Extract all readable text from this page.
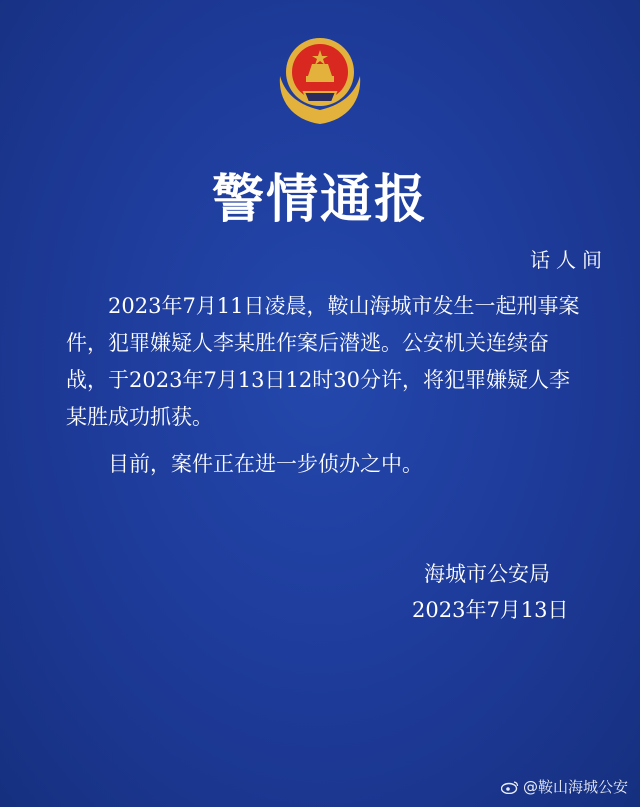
警情通报
话人间

2023年7月11日凌晨，鞍山海城市发生一起刑事案件，犯罪嫌疑人李某胜作案后潜逃。公安机关连续奋战，于2023年7月13日12时30分许，将犯罪嫌疑人李某胜成功抓获。

目前，案件正在进一步侦办之中。

海城市公安局
2023年7月13日
@鞍山海城公安
